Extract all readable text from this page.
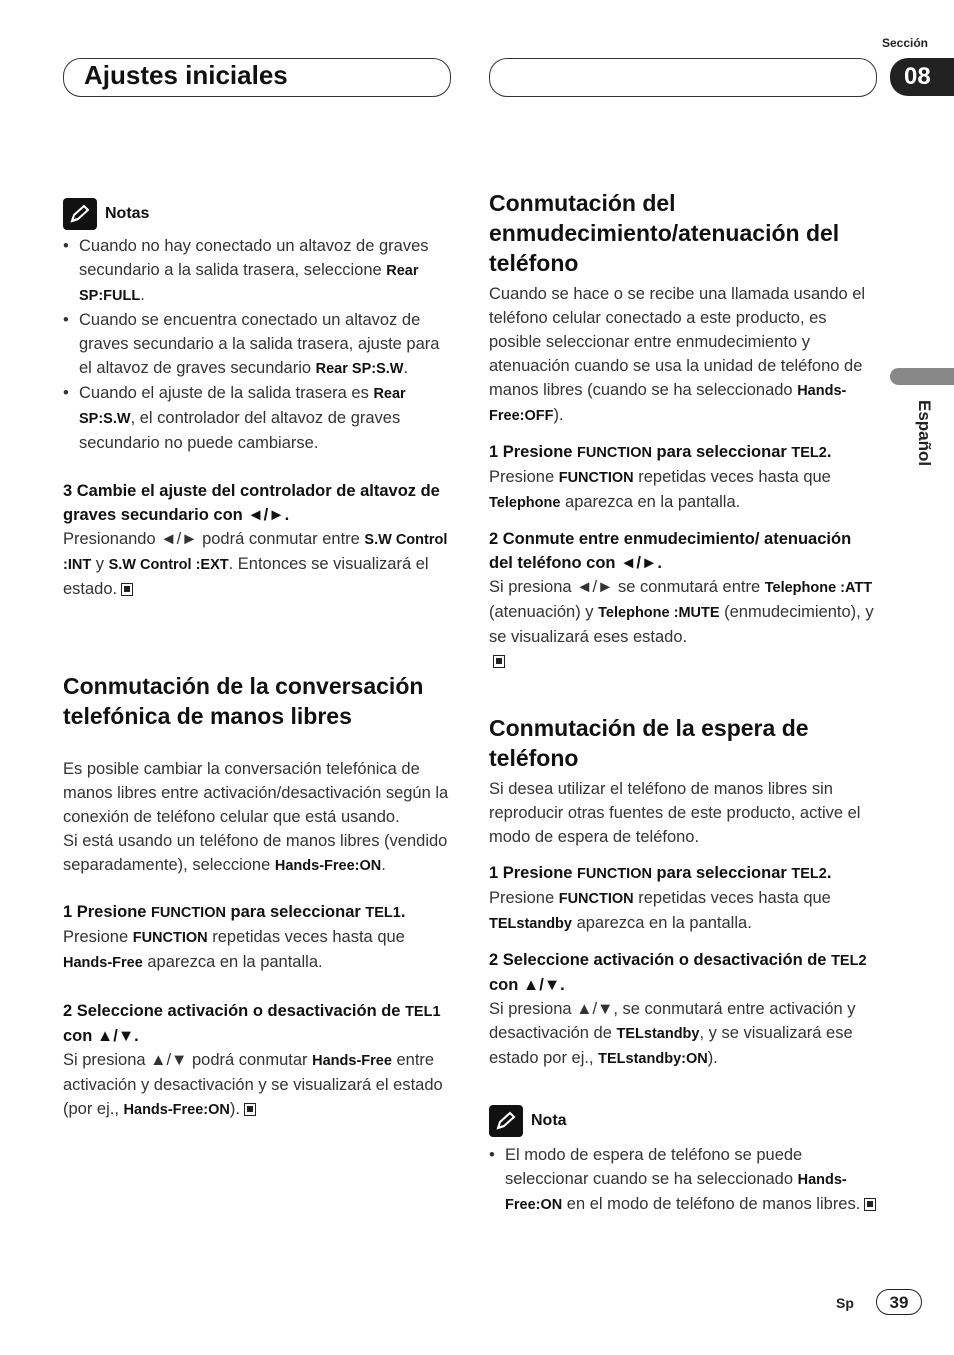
Ajustes iniciales
Sección
08
Español
Notas
• Cuando no hay conectado un altavoz de graves secundario a la salida trasera, seleccione Rear SP:FULL.
• Cuando se encuentra conectado un altavoz de graves secundario a la salida trasera, ajuste para el altavoz de graves secundario Rear SP:S.W.
• Cuando el ajuste de la salida trasera es Rear SP:S.W, el controlador del altavoz de graves secundario no puede cambiarse.

3 Cambie el ajuste del controlador de altavoz de graves secundario con ◄/►.

Presionando ◄/► podrá conmutar entre S.W Control :INT y S.W Control :EXT. Entonces se visualizará el estado.

Conmutación de la conversación telefónica de manos libres

Es posible cambiar la conversación telefónica de manos libres entre activación/desactivación según la conexión de teléfono celular que está usando.

Si está usando un teléfono de manos libres (vendido separadamente), seleccione Hands-Free:ON.

1 Presione FUNCTION para seleccionar TEL1.

Presione FUNCTION repetidas veces hasta que Hands-Free aparezca en la pantalla.

2 Seleccione activación o desactivación de TEL1 con ▲/▼.

Si presiona ▲/▼ podrá conmutar Hands-Free entre activación y desactivación y se visualizará el estado (por ej., Hands-Free:ON).

Conmutación del enmudecimiento/atenuación del teléfono

Cuando se hace o se recibe una llamada usando el teléfono celular conectado a este producto, es posible seleccionar entre enmudecimiento y atenuación cuando se usa la unidad de teléfono de manos libres (cuando se ha seleccionado Hands-Free:OFF).

1 Presione FUNCTION para seleccionar TEL2.

Presione FUNCTION repetidas veces hasta que Telephone aparezca en la pantalla.

2 Conmute entre enmudecimiento/ atenuación del teléfono con ◄/►.

Si presiona ◄/► se conmutará entre Telephone :ATT (atenuación) y Telephone :MUTE (enmudecimiento), y se visualizará eses estado.

Conmutación de la espera de teléfono

Si desea utilizar el teléfono de manos libres sin reproducir otras fuentes de este producto, active el modo de espera de teléfono.

1 Presione FUNCTION para seleccionar TEL2.

Presione FUNCTION repetidas veces hasta que TELstandby aparezca en la pantalla.

2 Seleccione activación o desactivación de TEL2 con ▲/▼.

Si presiona ▲/▼, se conmutará entre activación y desactivación de TELstandby, y se visualizará ese estado por ej., TELstandby:ON).

Nota
• El modo de espera de teléfono se puede seleccionar cuando se ha seleccionado Hands-Free:ON en el modo de teléfono de manos libres.
Sp	39
